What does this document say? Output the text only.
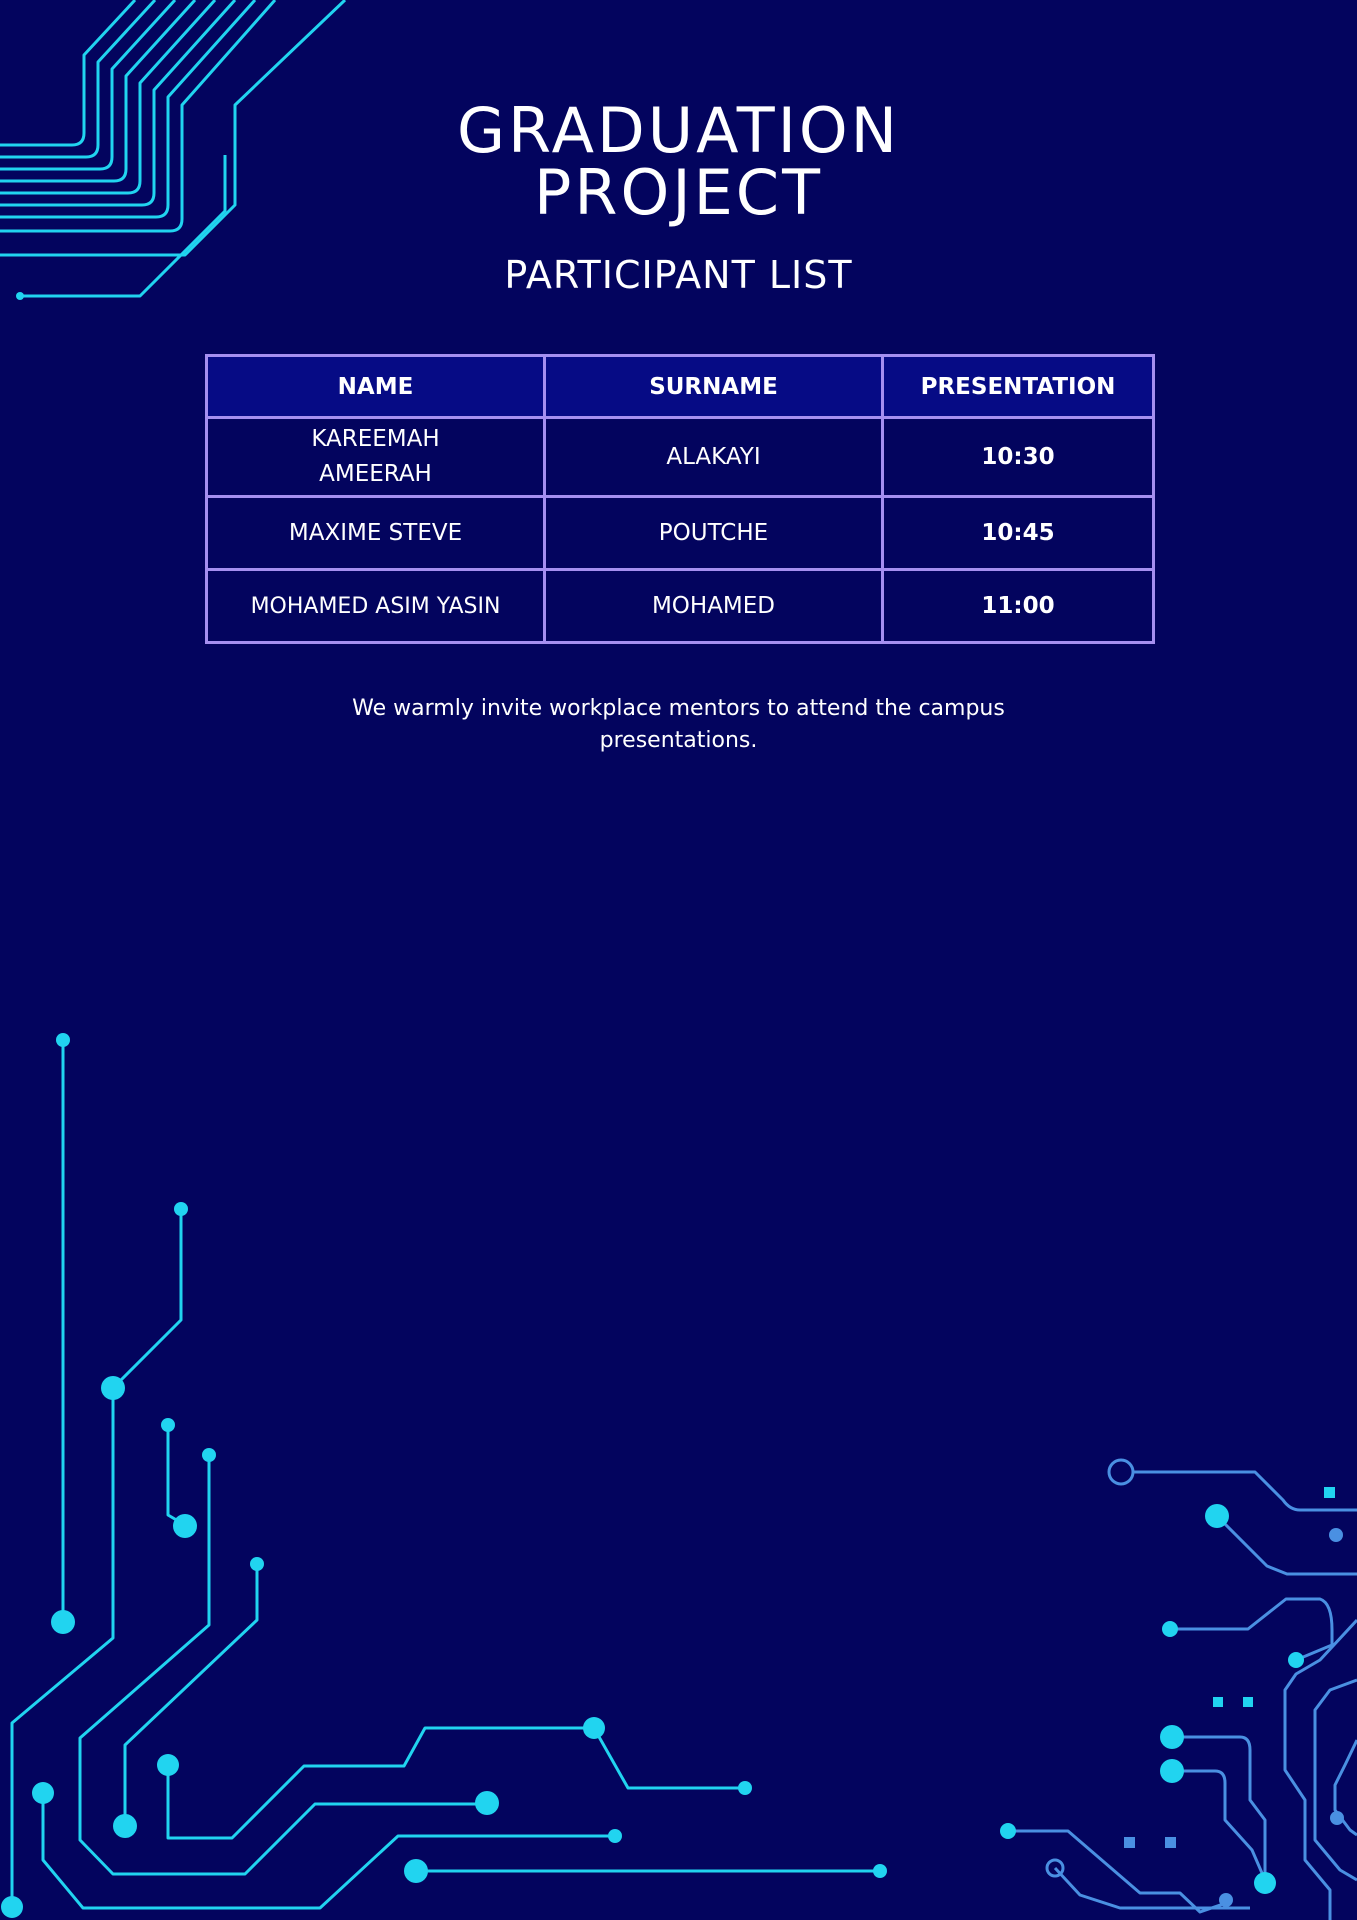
GRADUATION
PROJECT
PARTICIPANT LIST
NAME	SURNAME	PRESENTATION
KAREEMAH AMEERAH	ALAKAYI	10:30
MAXIME STEVE	POUTCHE	10:45
MOHAMED ASIM YASIN	MOHAMED	11:00

We warmly invite workplace mentors to attend the campus presentations.
